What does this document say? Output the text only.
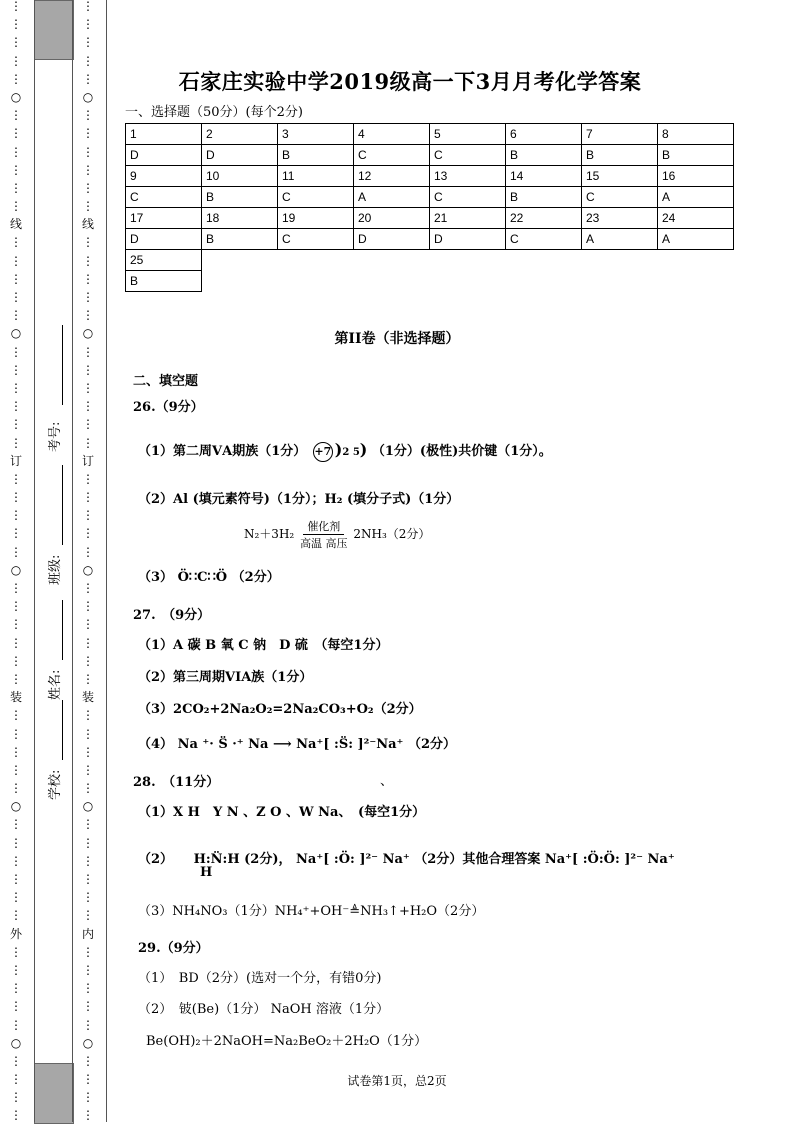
⋮
⋮
⋮
⋮
⋮
○
⋮
⋮
⋮
⋮
⋮
⋮
线
⋮
⋮
⋮
⋮
⋮
○
⋮
⋮
⋮
⋮
⋮
⋮
订
⋮
⋮
⋮
⋮
⋮
○
⋮
⋮
⋮
⋮
⋮
⋮
装
⋮
⋮
⋮
⋮
⋮
○
⋮
⋮
⋮
⋮
⋮
⋮
外
⋮
⋮
⋮
⋮
⋮
○
⋮
⋮
⋮
⋮
⋮
⋮
⋮
⋮
⋮
○
⋮
⋮
⋮
⋮
⋮
⋮
线
⋮
⋮
⋮
⋮
⋮
○
⋮
⋮
⋮
⋮
⋮
⋮
订
⋮
⋮
⋮
⋮
⋮
○
⋮
⋮
⋮
⋮
⋮
⋮
装
⋮
⋮
⋮
⋮
⋮
○
⋮
⋮
⋮
⋮
⋮
⋮
内
⋮
⋮
⋮
⋮
⋮
○
⋮
⋮
⋮
⋮
考号:
班级:
姓名:
学校:
石家庄实验中学2019级高一下3月月考化学答案
一、选择题（50分）(每个2分)
1	2	3	4	5	6	7	8
D	D	B	C	C	B	B	B
9	10	11	12	13	14	15	16
C	B	C	A	C	B	C	A
17	18	19	20	21	22	23	24
D	B	C	D	D	C	A	A
25							
B							
第II卷（非选择题）
二、填空题
26.（9分）
（1）第二周ⅤA期族（1分） +7 )2 5) （1分）(极性)共价键（1分）。
（2）Al (填元素符号)（1分）；H₂ (填分子式)（1分）
$N_2+3H_2 \frac{\text{催化剂}}{\text{高温 高压}} 2NH_3(2$分）
（3） Ö∷C∷Ö （2分）
27.　（9分）
（1）A 碳 B 氧 C 钠　D 硫　（每空1分）
（2）第三周期VIA族（1分）
（3）2CO₂+2Na₂O₂=2Na₂CO₃+O₂（2分）
（4） Na ⁺· S̈ ·⁺ Na ⟶ Na⁺[ :S̈: ]²⁻Na⁺ （2分）
28.　（11分）	、
（1）X H　Y N 、Z O 、W Na、　(每空1分）
（2） H:N̈:H (2分)， Na⁺[ :Ö: ]²⁻ Na⁺ （2分）其他合理答案 Na⁺[ :Ö:Ö: ]²⁻ Na⁺
H
（3）NH₄NO₃（1分）NH₄⁺+OH⁻≜NH₃↑+H₂O（2分）
29.（9分）
（1）　BD（2分）(选对一个分，有错0分)
（2）　铍(Be)（1分） NaOH 溶液（1分）
Be(OH)₂＋2NaOH=Na₂BeO₂＋2H₂O（1分）
试卷第1页，总2页
